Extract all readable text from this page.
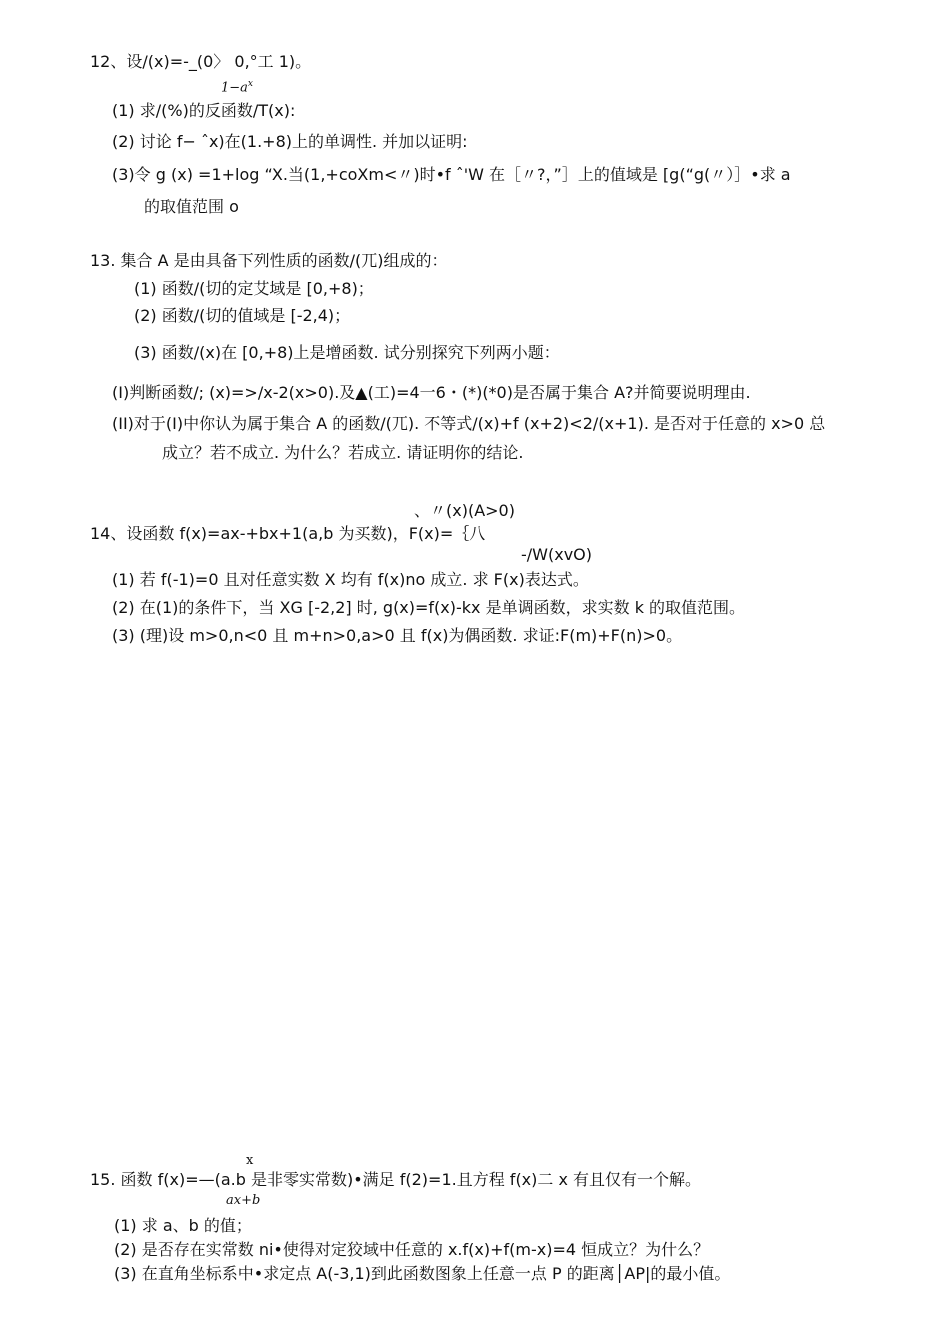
12、设/(x)=-_(0〉 0,°工 1)。
$1-a^x$
(1) 求/(%)的反函数/T(x):
(2) 讨论 f− ˆx)在(1.+8)上的单调性. 并加以证明:
(3)令 g (x) =1+log “X.当(1,+coXm<〃)时•f ˆ'W 在［〃?，”］上的值域是 [g(“g(〃）］•求 a
的取值范围 o
13. 集合 A 是由具备下列性质的函数/(兀)组成的：
(1) 函数/(切的定艾域是 [0,+8)；
(2) 函数/(切的值域是 [-2,4)；
(3) 函数/(x)在 [0,+8)上是增函数. 试分别探究下列两小题：
(I)判断函数/; (x)=>/x-2(x>0).及▲(工)=4一6・(*)(*0)是否属于集合 A?并简要说明理由.
(II)对于(I)中你认为属于集合 A 的函数/(兀). 不等式/(x)+f (x+2)<2/(x+1). 是否对于任意的 x>0 总
成立？若不成立. 为什么？若成立. 请证明你的结论.
、〃(x)(A>0)
14、设函数 f(x)=ax-+bx+1(a,b 为买数)，F(x)=｛八
-/W(xvO)
(1) 若 f(-1)=0 且对任意实数 X 均有 f(x)no 成立. 求 F(x)表达式。
(2) 在(1)的条件下，当 XG [-2,2] 时, g(x)=f(x)-kx 是单调函数，求实数 k 的取值范围。
(3) (理)设 m>0,n<0 且 m+n>0,a>0 且 f(x)为偶函数. 求证:F(m)+F(n)>0。
x
15. 函数 f(x)=—(a.b 是非零实常数)•满足 f(2)=1.且方程 f(x)二 x 有且仅有一个解。
ax+b
(1) 求 a、b 的值；
(2) 是否存在实常数 ni•使得对定狡域中任意的 x.f(x)+f(m-x)=4 恒成立？为什么？
(3) 在直角坐标系中•求定点 A(-3,1)到此函数图象上任意一点 P 的距离│AP|的最小值。
